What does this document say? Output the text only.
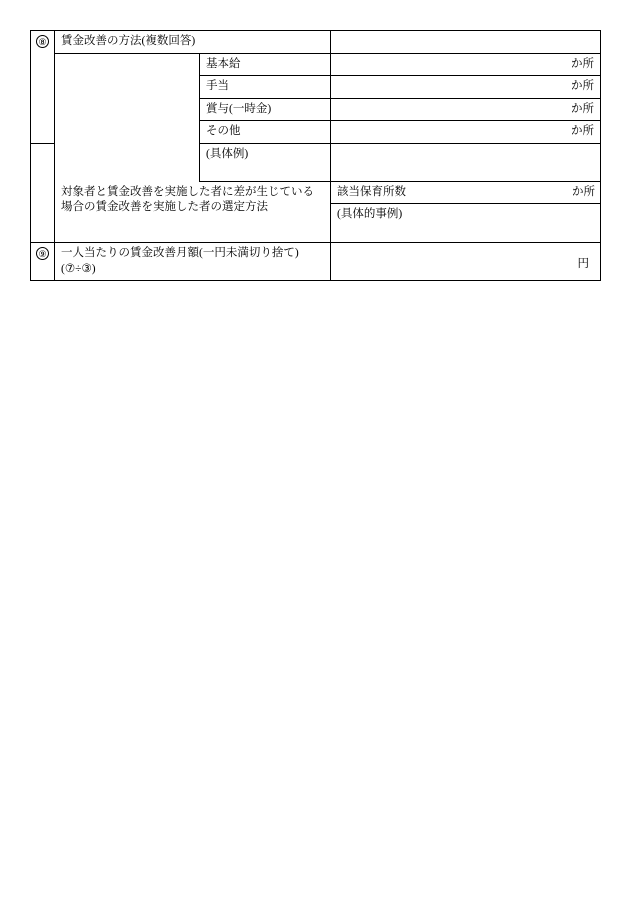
⑧	賃金改善の方法(複数回答)

基本給	か所

手当	か所

賞与(一時金)	か所

その他	か所

(具体例)

対象者と賃金改善を実施した者に差が生じている
場合の賃金改善を実施した者の選定方法

該当保育所数	か所

(具体的事例)

⑨	一人当たりの賃金改善月額(一円未満切り捨て)
(⑦÷③)	円
